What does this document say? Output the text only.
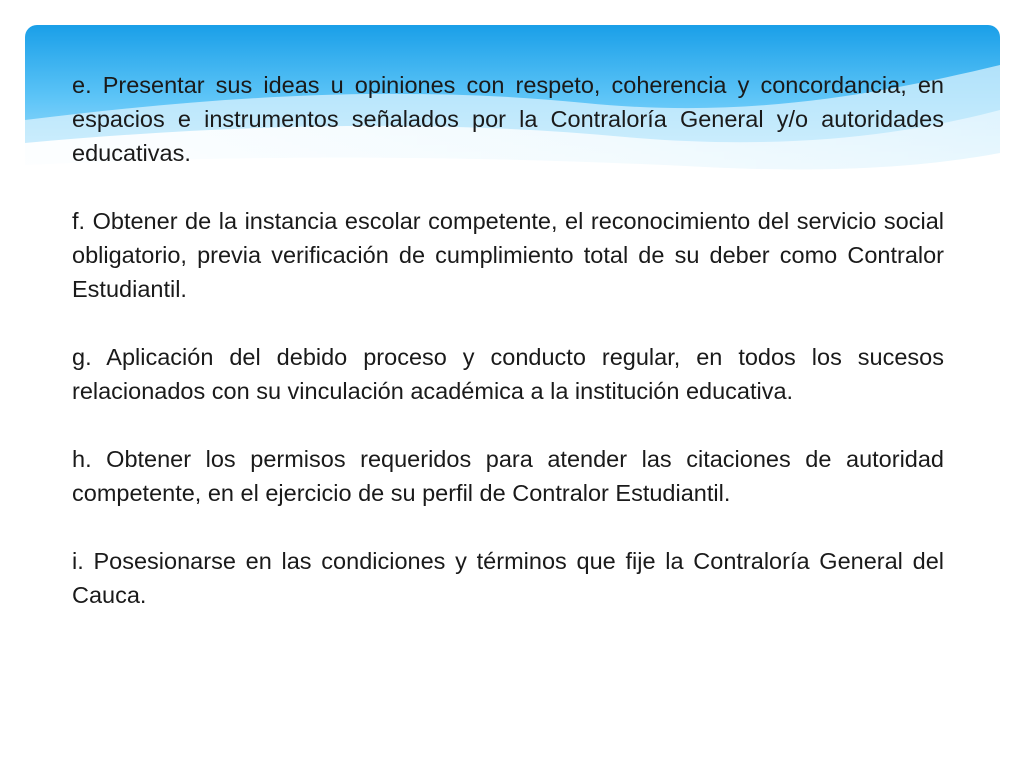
e. Presentar sus ideas u opiniones con respeto, coherencia y concordancia; en espacios e instrumentos señalados por la Contraloría General y/o autoridades educativas.

f. Obtener de la instancia escolar competente, el reconocimiento del servicio social obligatorio, previa verificación de cumplimiento total de su deber como Contralor Estudiantil.

g. Aplicación del debido proceso y conducto regular, en todos los sucesos relacionados con su vinculación académica a la institución educativa.

h. Obtener los permisos requeridos para atender las citaciones de autoridad competente, en el ejercicio de su perfil de Contralor Estudiantil.

i. Posesionarse en las condiciones y términos que fije la Contraloría General del Cauca.
